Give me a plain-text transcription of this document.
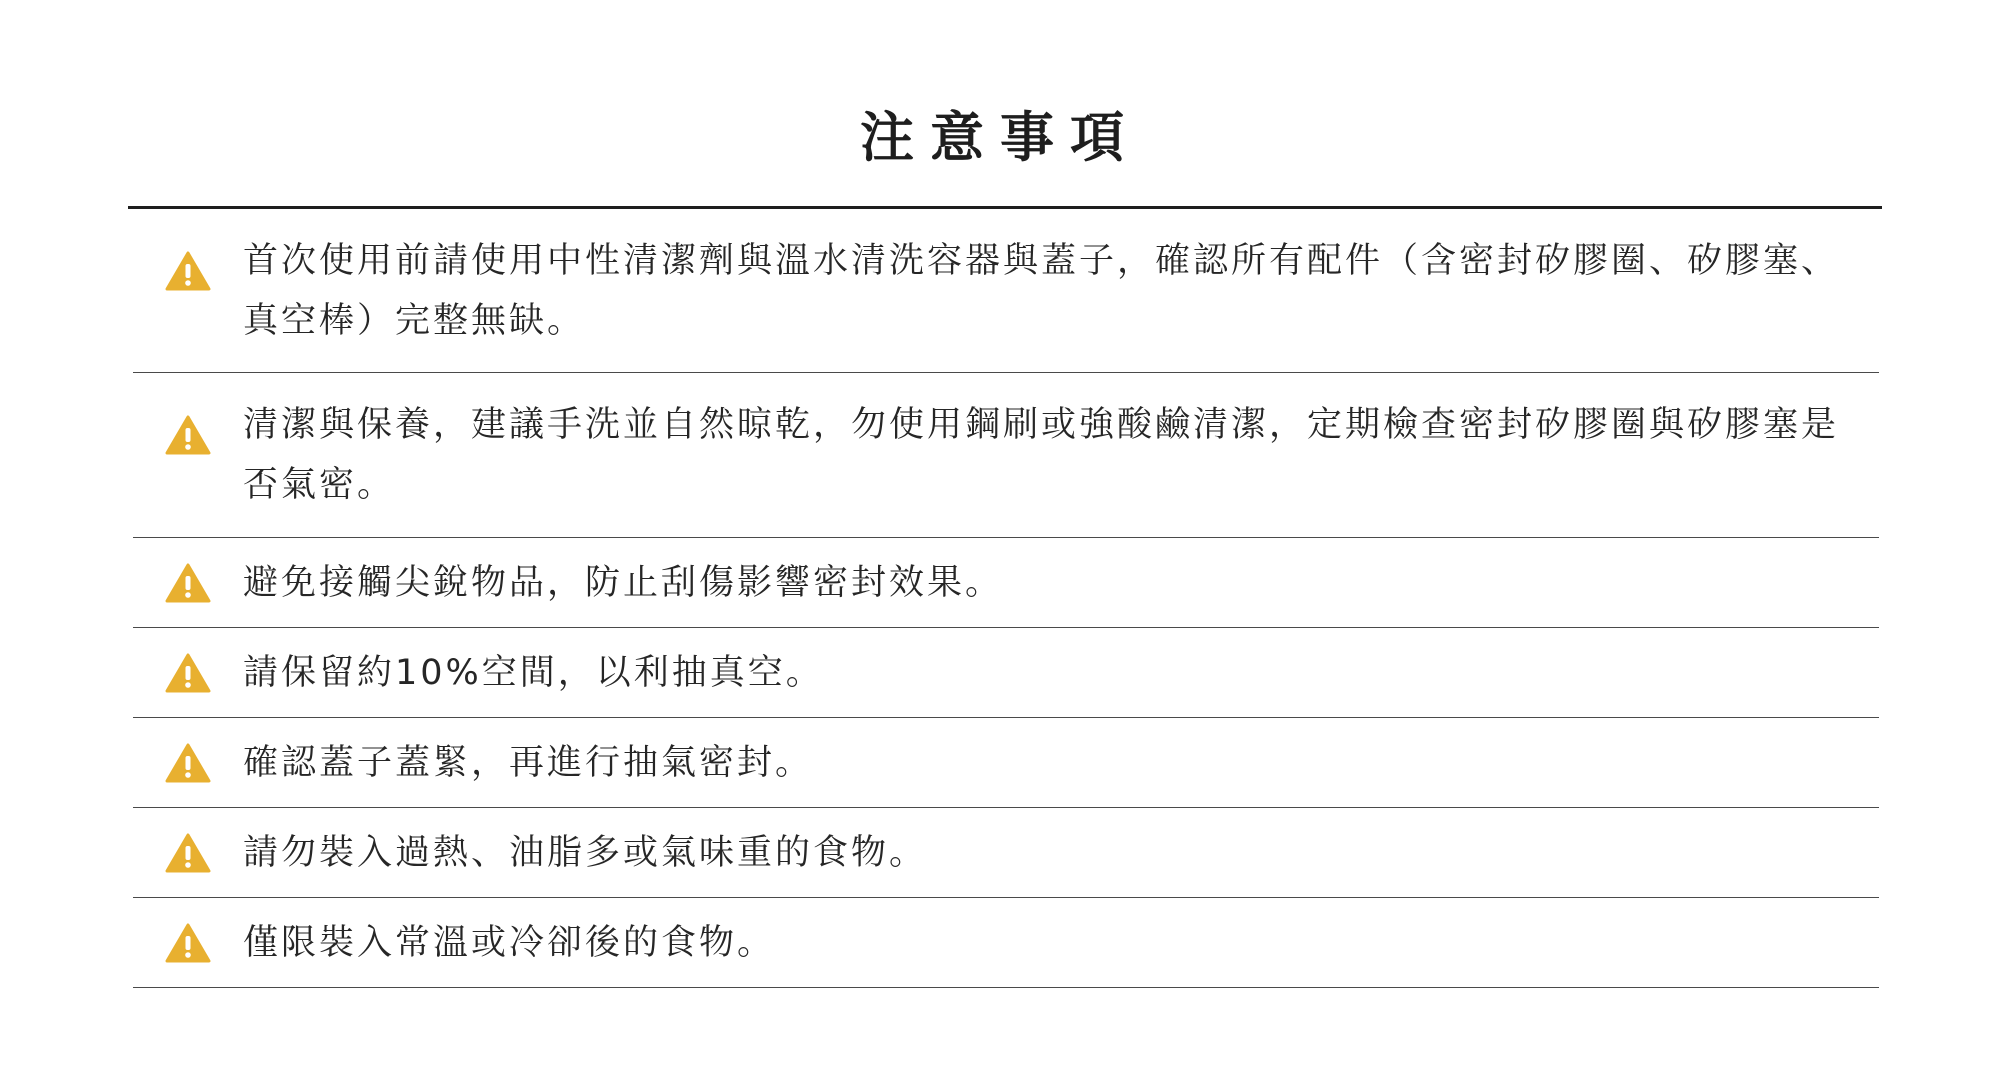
注意事項
首次使用前請使用中性清潔劑與溫水清洗容器與蓋子，確認所有配件（含密封矽膠圈、矽膠塞、真空棒）完整無缺。
清潔與保養，建議手洗並自然晾乾，勿使用鋼刷或強酸鹼清潔，定期檢查密封矽膠圈與矽膠塞是否氣密。
避免接觸尖銳物品，防止刮傷影響密封效果。
請保留約10%空間，以利抽真空。
確認蓋子蓋緊，再進行抽氣密封。
請勿裝入過熱、油脂多或氣味重的食物。
僅限裝入常溫或冷卻後的食物。
